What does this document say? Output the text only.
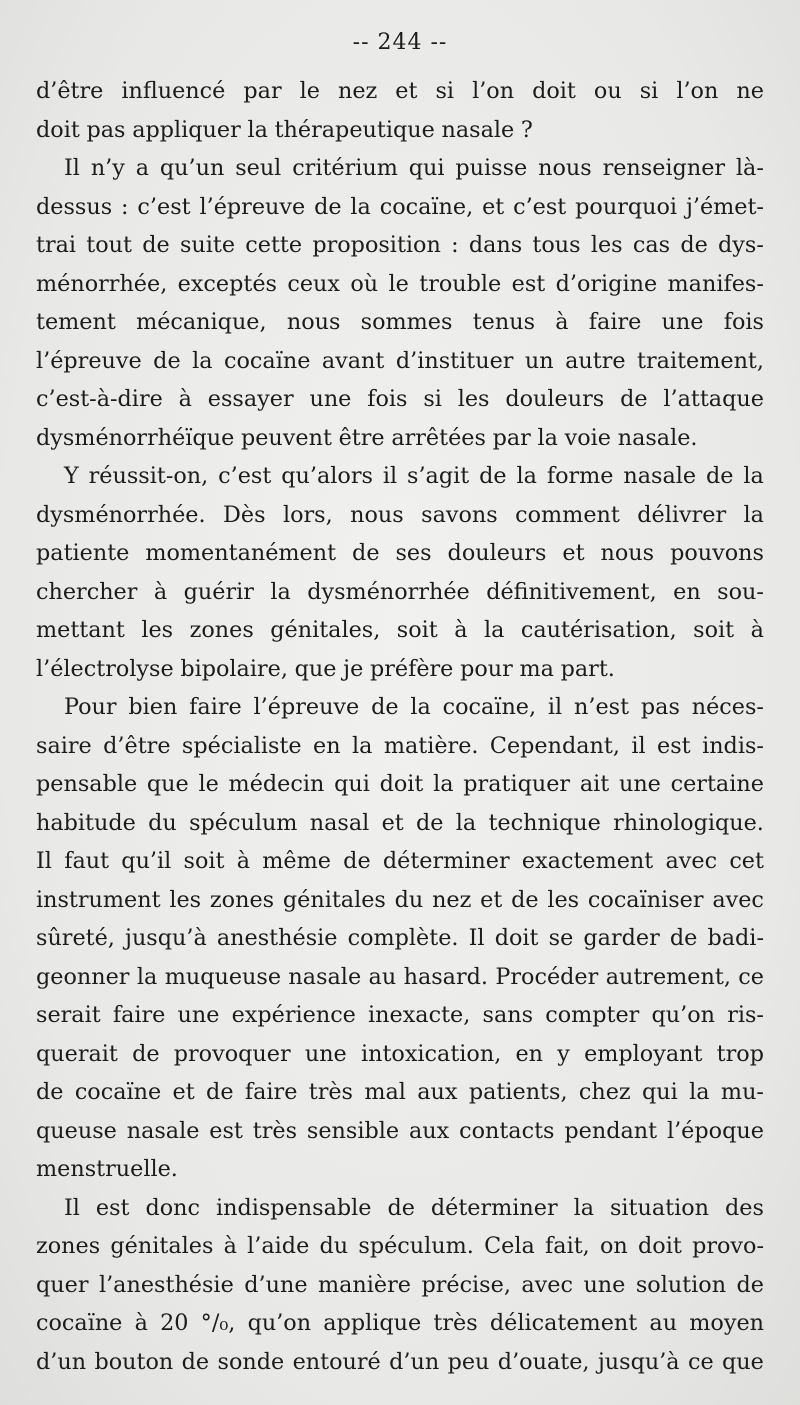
-- 244 --
d’être influencé par le nez et si l’on doit ou si l’on ne
doit pas appliquer la thérapeutique nasale ?
Il n’y a qu’un seul critérium qui puisse nous renseigner là-
dessus : c’est l’épreuve de la cocaïne, et c’est pourquoi j’émet-
trai tout de suite cette proposition : dans tous les cas de dys-
ménorrhée, exceptés ceux où le trouble est d’origine manifes-
tement mécanique, nous sommes tenus à faire une fois
l’épreuve de la cocaïne avant d’instituer un autre traitement,
c’est-à-dire à essayer une fois si les douleurs de l’attaque
dysménorrhéïque peuvent être arrêtées par la voie nasale.
Y réussit-on, c’est qu’alors il s’agit de la forme nasale de la
dysménorrhée. Dès lors, nous savons comment délivrer la
patiente momentanément de ses douleurs et nous pouvons
chercher à guérir la dysménorrhée définitivement, en sou-
mettant les zones génitales, soit à la cautérisation, soit à
l’électrolyse bipolaire, que je préfère pour ma part.
Pour bien faire l’épreuve de la cocaïne, il n’est pas néces-
saire d’être spécialiste en la matière. Cependant, il est indis-
pensable que le médecin qui doit la pratiquer ait une certaine
habitude du spéculum nasal et de la technique rhinologique.
Il faut qu’il soit à même de déterminer exactement avec cet
instrument les zones génitales du nez et de les cocaïniser avec
sûreté, jusqu’à anesthésie complète. Il doit se garder de badi-
geonner la muqueuse nasale au hasard. Procéder autrement, ce
serait faire une expérience inexacte, sans compter qu’on ris-
querait de provoquer une intoxication, en y employant trop
de cocaïne et de faire très mal aux patients, chez qui la mu-
queuse nasale est très sensible aux contacts pendant l’époque
menstruelle.
Il est donc indispensable de déterminer la situation des
zones génitales à l’aide du spéculum. Cela fait, on doit provo-
quer l’anesthésie d’une manière précise, avec une solution de
cocaïne à 20 °/₀, qu’on applique très délicatement au moyen
d’un bouton de sonde entouré d’un peu d’ouate, jusqu’à ce que
